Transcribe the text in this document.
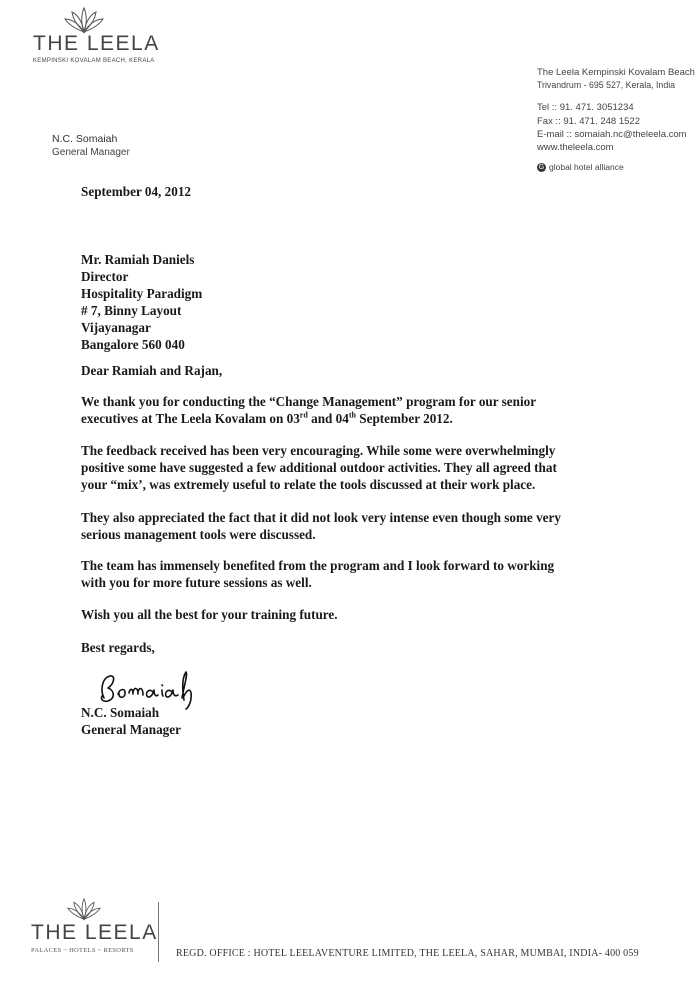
THE LEELA
KEMPINSKI KOVALAM BEACH, KERALA
N.C. Somaiah
General Manager
The Leela Kempinski Kovalam Beach
Trivandrum - 695 527, Kerala, India
Tel :: 91. 471. 3051234
Fax :: 91. 471. 248 1522
E-mail :: somaiah.nc@theleela.com
www.theleela.com
G global hotel alliance
September 04, 2012
Mr. Ramiah Daniels
Director
Hospitality Paradigm
# 7, Binny Layout
Vijayanagar
Bangalore 560 040
Dear Ramiah and Rajan,
We thank you for conducting the “Change Management” program for our senior
executives at The Leela Kovalam on 03rd and 04th September 2012.
The feedback received has been very encouraging. While some were overwhelmingly
positive some have suggested a few additional outdoor activities. They all agreed that
your “mix’, was extremely useful to relate the tools discussed at their work place.
They also appreciated the fact that it did not look very intense even though some very
serious management tools were discussed.
The team has immensely benefited from the program and I look forward to working
with you for more future sessions as well.
Wish you all the best for your training future.
Best regards,
N.C. Somaiah
General Manager
THE LEELA
PALACES ~ HOTELS ~ RESORTS	REGD. OFFICE : HOTEL LEELAVENTURE LIMITED, THE LEELA, SAHAR, MUMBAI, INDIA- 400 059
